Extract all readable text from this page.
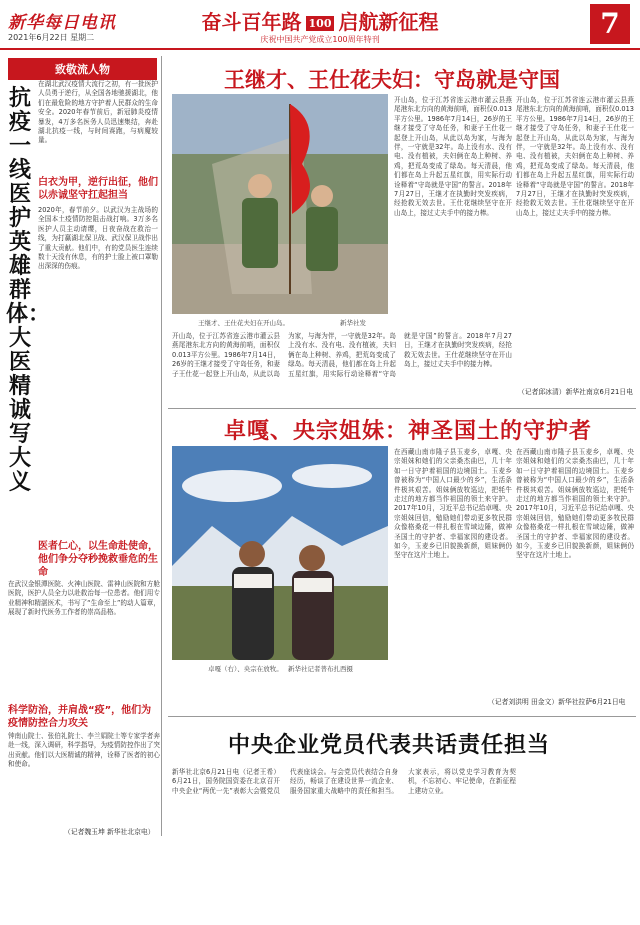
新华每日电讯
2021年6月22日 星期二
奋斗百年路 100 启航新征程
庆祝中国共产党成立100周年特刊	7
致敬流人物
抗疫一线医护英雄群体：大医精诚写大义
在湖北武汉疫情大流行之初，有一批医护人员勇于逆行，从全国各地驰援湖北，他们在最危险的地方守护着人民群众的生命安全。2020年春节前后，新冠肺炎疫情暴发，4万多名医务人员迅速集结，奔赴湖北抗疫一线，与时间赛跑，与病魔较量。
白衣为甲，逆行出征，他们以赤诚坚守扛起担当
2020年，春节前夕。以武汉为主战场的全国本土疫情防控阻击战打响。3万多名医护人员主动请缨，日夜奋战在救治一线，为打赢湖北保卫战、武汉保卫战作出了重大贡献。他们中，有的党员医生连续数十天没有休息，有的护士脸上被口罩勒出深深的伤痕。
医者仁心，以生命赴使命，他们争分夺秒挽救垂危的生命
在武汉金银潭医院、火神山医院、雷神山医院和方舱医院，医护人员全力以赴救治每一位患者。他们用专业精神和精湛医术，书写了“生命至上”的动人篇章，展现了新时代医务工作者的崇高品格。
科学防治，并肩战“疫”，他们为疫情防控合力攻关
钟南山院士、张伯礼院士、李兰娟院士等专家学者奔赴一线，深入调研，科学指导，为疫情防控作出了突出贡献。他们以大医精诚的精神，诠释了医者的初心和使命。
（记者魏玉坤 新华社北京电）
王继才、王仕花夫妇：守岛就是守国
王继才、王仕花夫妇在开山岛。	新华社发
开山岛，位于江苏省连云港市灌云县燕尾港东北方向的黄海前哨，面积仅0.013平方公里。1986年7月14日，26岁的王继才接受了守岛任务，和妻子王仕花一起登上开山岛，从此以岛为家，与海为伴，一守就是32年。岛上没有水、没有电、没有植被，夫妇俩在岛上种树、养鸡，把荒岛变成了绿岛。每天清晨，他们都在岛上升起五星红旗，用实际行动诠释着“守岛就是守国”的誓言。2018年7月27日，王继才在执勤时突发疾病，经抢救无效去世。王仕花继续坚守在开山岛上，接过丈夫手中的接力棒。
开山岛，位于江苏省连云港市灌云县燕尾港东北方向的黄海前哨，面积仅0.013平方公里。1986年7月14日，26岁的王继才接受了守岛任务，和妻子王仕花一起登上开山岛，从此以岛为家，与海为伴，一守就是32年。岛上没有水、没有电、没有植被，夫妇俩在岛上种树、养鸡，把荒岛变成了绿岛。每天清晨，他们都在岛上升起五星红旗，用实际行动诠释着“守岛就是守国”的誓言。2018年7月27日，王继才在执勤时突发疾病，经抢救无效去世。王仕花继续坚守在开山岛上，接过丈夫手中的接力棒。
开山岛，位于江苏省连云港市灌云县燕尾港东北方向的黄海前哨，面积仅0.013平方公里。1986年7月14日，26岁的王继才接受了守岛任务，和妻子王仕花一起登上开山岛，从此以岛为家，与海为伴，一守就是32年。岛上没有水、没有电、没有植被，夫妇俩在岛上种树、养鸡，把荒岛变成了绿岛。每天清晨，他们都在岛上升起五星红旗，用实际行动诠释着“守岛就是守国”的誓言。2018年7月27日，王继才在执勤时突发疾病，经抢救无效去世。王仕花继续坚守在开山岛上，接过丈夫手中的接力棒。
（记者邱冰清）新华社南京6月21日电
卓嘎、央宗姐妹：神圣国土的守护者
卓嘎（右）、央宗在放牧。 新华社记者普布扎西摄
在西藏山南市隆子县玉麦乡，卓嘎、央宗姐妹和她们的父亲桑杰曲巴，几十年如一日守护着祖国的边境国土。玉麦乡曾被称为“中国人口最少的乡”，生活条件极其艰苦。姐妹俩放牧巡边，把牦牛走过的地方都当作祖国的领土来守护。2017年10月，习近平总书记给卓嘎、央宗姐妹回信，勉励她们带动更多牧民群众像格桑花一样扎根在雪域边陲，做神圣国土的守护者、幸福家园的建设者。如今，玉麦乡已旧貌换新颜，姐妹俩仍坚守在这片土地上。
在西藏山南市隆子县玉麦乡，卓嘎、央宗姐妹和她们的父亲桑杰曲巴，几十年如一日守护着祖国的边境国土。玉麦乡曾被称为“中国人口最少的乡”，生活条件极其艰苦。姐妹俩放牧巡边，把牦牛走过的地方都当作祖国的领土来守护。2017年10月，习近平总书记给卓嘎、央宗姐妹回信，勉励她们带动更多牧民群众像格桑花一样扎根在雪域边陲，做神圣国土的守护者、幸福家园的建设者。如今，玉麦乡已旧貌换新颜，姐妹俩仍坚守在这片土地上。
（记者刘洪明 田金文）新华社拉萨6月21日电
中央企业党员代表共话责任担当
新华社北京6月21日电（记者王希）6月21日，国务院国资委在北京召开中央企业“两优一先”表彰大会暨党员代表座谈会。与会党员代表结合自身经历，畅谈了在建设世界一流企业、服务国家重大战略中的责任和担当。大家表示，将以党史学习教育为契机，不忘初心、牢记使命，在新征程上建功立业。
